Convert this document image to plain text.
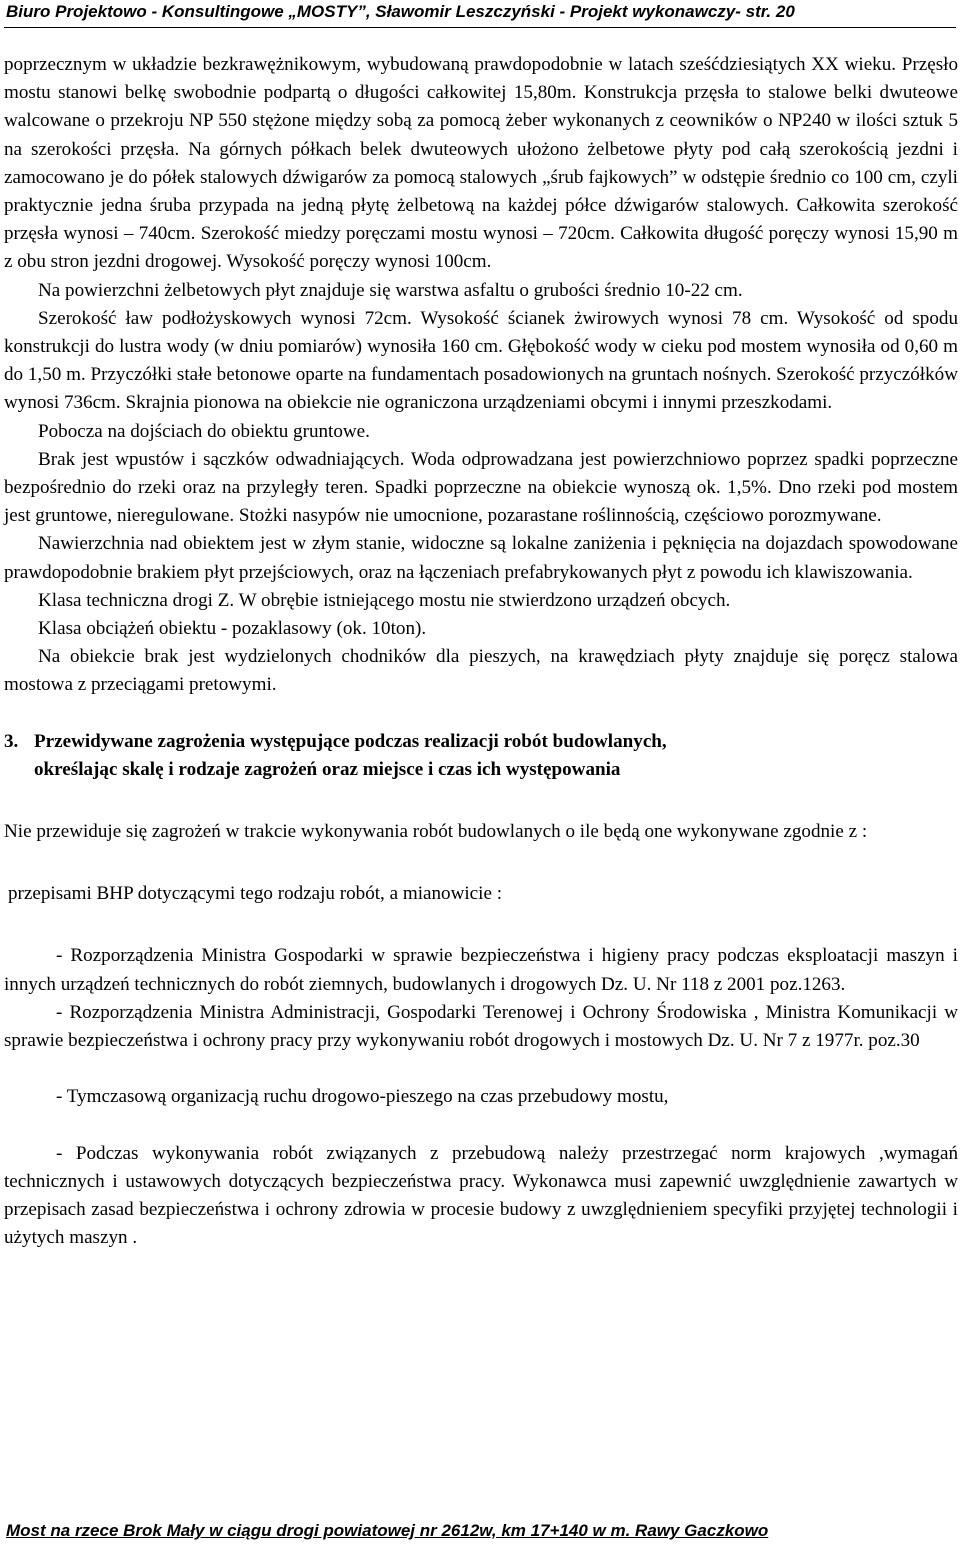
Biuro Projektowo - Konsultingowe „MOSTY”, Sławomir Leszczyński - Projekt wykonawczy- str. 20

poprzecznym w układzie bezkrawężnikowym, wybudowaną prawdopodobnie w latach sześćdziesiątych XX wieku. Przęsło mostu stanowi belkę swobodnie podpartą o długości całkowitej 15,80m. Konstrukcja przęsła to stalowe belki dwuteowe walcowane o przekroju NP 550 stężone między sobą za pomocą żeber wykonanych z ceowników o NP240 w ilości sztuk 5 na szerokości przęsła. Na górnych półkach belek dwuteowych ułożono żelbetowe płyty pod całą szerokością jezdni i zamocowano je do półek stalowych dźwigarów za pomocą stalowych „śrub fajkowych” w odstępie średnio co 100 cm, czyli praktycznie jedna śruba przypada na jedną płytę żelbetową na każdej półce dźwigarów stalowych. Całkowita szerokość przęsła wynosi – 740cm. Szerokość miedzy poręczami mostu wynosi – 720cm. Całkowita długość poręczy wynosi 15,90 m z obu stron jezdni drogowej. Wysokość poręczy wynosi 100cm.

Na powierzchni żelbetowych płyt znajduje się warstwa asfaltu o grubości średnio 10-22 cm.

Szerokość ław podłożyskowych wynosi 72cm. Wysokość ścianek żwirowych wynosi 78 cm. Wysokość od spodu konstrukcji do lustra wody (w dniu pomiarów) wynosiła 160 cm. Głębokość wody w cieku pod mostem wynosiła od 0,60 m do 1,50 m. Przyczółki stałe betonowe oparte na fundamentach posadowionych na gruntach nośnych. Szerokość przyczółków wynosi 736cm. Skrajnia pionowa na obiekcie nie ograniczona urządzeniami obcymi i innymi przeszkodami.

Pobocza na dojściach do obiektu gruntowe.

Brak jest wpustów i sączków odwadniających. Woda odprowadzana jest powierzchniowo poprzez spadki poprzeczne bezpośrednio do rzeki oraz na przyległy teren. Spadki poprzeczne na obiekcie wynoszą ok. 1,5%. Dno rzeki pod mostem jest gruntowe, nieregulowane. Stożki nasypów nie umocnione, pozarastane roślinnością, częściowo porozmywane.

Nawierzchnia nad obiektem jest w złym stanie, widoczne są lokalne zaniżenia i pęknięcia na dojazdach spowodowane prawdopodobnie brakiem płyt przejściowych, oraz na łączeniach prefabrykowanych płyt z powodu ich klawiszowania.

Klasa techniczna drogi Z. W obrębie istniejącego mostu nie stwierdzono urządzeń obcych.

Klasa obciążeń obiektu - pozaklasowy (ok. 10ton).

Na obiekcie brak jest wydzielonych chodników dla pieszych, na krawędziach płyty znajduje się poręcz stalowa mostowa z przeciągami pretowymi.

3. Przewidywane zagrożenia występujące podczas realizacji robót budowlanych,
określając skalę i rodzaje zagrożeń oraz miejsce i czas ich występowania

Nie przewiduje się zagrożeń w trakcie wykonywania robót budowlanych o ile będą one wykonywane zgodnie z :

przepisami BHP dotyczącymi tego rodzaju robót, a mianowicie :

- Rozporządzenia Ministra Gospodarki w sprawie bezpieczeństwa i higieny pracy podczas eksploatacji maszyn i innych urządzeń technicznych do robót ziemnych, budowlanych i drogowych Dz. U. Nr 118 z 2001 poz.1263.

- Rozporządzenia Ministra Administracji, Gospodarki Terenowej i Ochrony Środowiska , Ministra Komunikacji w sprawie bezpieczeństwa i ochrony pracy przy wykonywaniu robót drogowych i mostowych Dz. U. Nr 7 z 1977r. poz.30

- Tymczasową organizacją ruchu drogowo-pieszego na czas przebudowy mostu,

- Podczas wykonywania robót związanych z przebudową należy przestrzegać norm krajowych ,wymagań technicznych i ustawowych dotyczących bezpieczeństwa pracy. Wykonawca musi zapewnić uwzględnienie zawartych w przepisach zasad bezpieczeństwa i ochrony zdrowia w procesie budowy z uwzględnieniem specyfiki przyjętej technologii i użytych maszyn .

Most na rzece Brok Mały w ciągu drogi powiatowej nr 2612w, km 17+140 w m. Rawy Gaczkowo
